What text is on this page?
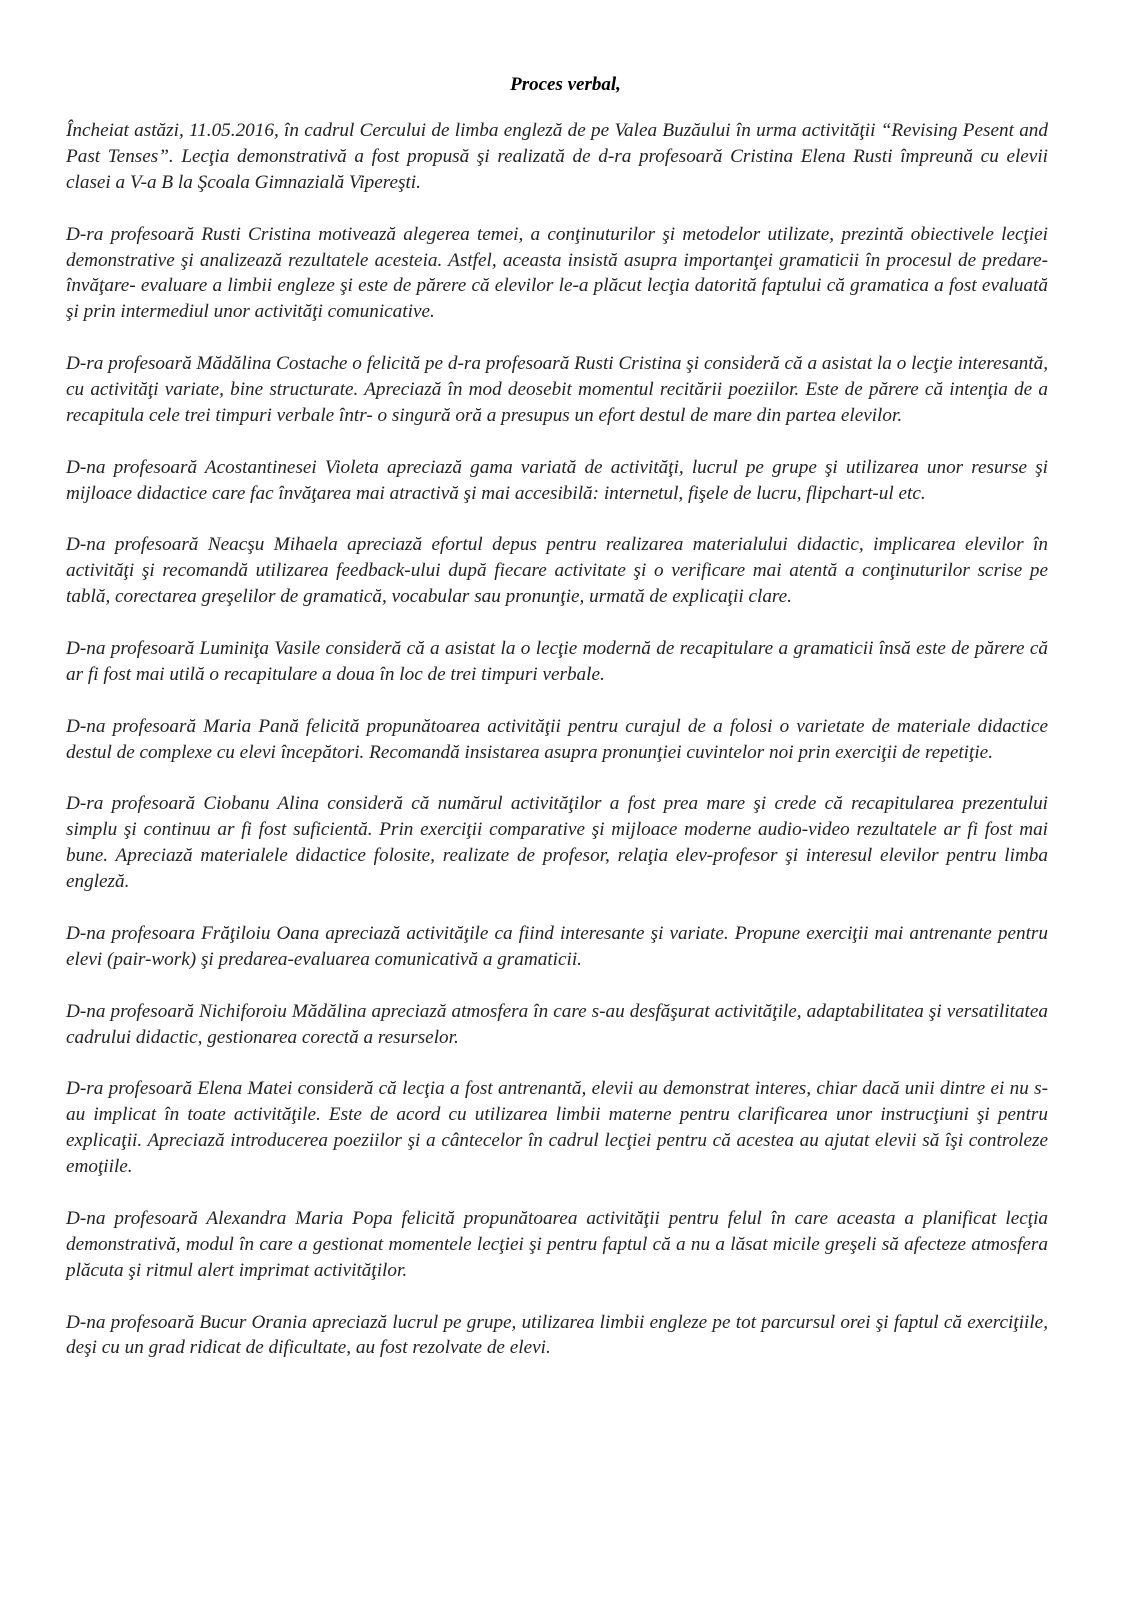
Proces verbal,

Încheiat astăzi, 11.05.2016, în cadrul Cercului de limba engleză de pe Valea Buzăului în urma activităţii “Revising Pesent and Past Tenses”. Lecţia demonstrativă a fost propusă şi realizată de d-ra profesoară Cristina Elena Rusti împreună cu elevii clasei a V-a B la Şcoala Gimnazială Vipereşti.

D-ra profesoară Rusti Cristina motivează alegerea temei, a conţinuturilor şi metodelor utilizate, prezintă obiectivele lecţiei demonstrative şi analizează rezultatele acesteia. Astfel, aceasta insistă asupra importanţei gramaticii în procesul de predare- învăţare- evaluare a limbii engleze şi este de părere că elevilor le-a plăcut lecţia datorită faptului că gramatica a fost evaluată şi prin intermediul unor activităţi comunicative.

D-ra profesoară Mădălina Costache o felicită pe d-ra profesoară Rusti Cristina şi consideră că a asistat la o lecţie interesantă, cu activităţi variate, bine structurate. Apreciază în mod deosebit momentul recitării poeziilor. Este de părere că intenţia de a recapitula cele trei timpuri verbale într- o singură oră a presupus un efort destul de mare din partea elevilor.

D-na profesoară Acostantinesei Violeta apreciază gama variată de activităţi, lucrul pe grupe şi utilizarea unor resurse şi mijloace didactice care fac învăţarea mai atractivă şi mai accesibilă: internetul, fişele de lucru, flipchart-ul etc.

D-na profesoară Neacşu Mihaela apreciază efortul depus pentru realizarea materialului didactic, implicarea elevilor în activităţi şi recomandă utilizarea feedback-ului după fiecare activitate şi o verificare mai atentă a conţinuturilor scrise pe tablă, corectarea greşelilor de gramatică, vocabular sau pronunţie, urmată de explicaţii clare.

D-na profesoară Luminiţa Vasile consideră că a asistat la o lecţie modernă de recapitulare a gramaticii însă este de părere că ar fi fost mai utilă o recapitulare a doua în loc de trei timpuri verbale.

D-na profesoară Maria Pană felicită propunătoarea activităţii pentru curajul de a folosi o varietate de materiale didactice destul de complexe cu elevi începători. Recomandă insistarea asupra pronunţiei cuvintelor noi prin exerciţii de repetiţie.

D-ra profesoară Ciobanu Alina consideră că numărul activităţilor a fost prea mare şi crede că recapitularea prezentului simplu şi continuu ar fi fost suficientă. Prin exerciţii comparative şi mijloace moderne audio-video rezultatele ar fi fost mai bune. Apreciază materialele didactice folosite, realizate de profesor, relaţia elev-profesor şi interesul elevilor pentru limba engleză.

D-na profesoara Frăţiloiu Oana apreciază activităţile ca fiind interesante şi variate. Propune exerciţii mai antrenante pentru elevi (pair-work) şi predarea-evaluarea comunicativă a gramaticii.

D-na profesoară Nichiforoiu Mădălina apreciază atmosfera în care s-au desfăşurat activităţile, adaptabilitatea şi versatilitatea cadrului didactic, gestionarea corectă a resurselor.

D-ra profesoară Elena Matei consideră că lecţia a fost antrenantă, elevii au demonstrat interes, chiar dacă unii dintre ei nu s-au implicat în toate activităţile. Este de acord cu utilizarea limbii materne pentru clarificarea unor instrucţiuni şi pentru explicaţii. Apreciază introducerea poeziilor şi a cântecelor în cadrul lecţiei pentru că acestea au ajutat elevii să îşi controleze emoţiile.

D-na profesoară Alexandra Maria Popa felicită propunătoarea activităţii pentru felul în care aceasta a planificat lecţia demonstrativă, modul în care a gestionat momentele lecţiei şi pentru faptul că a nu a lăsat micile greşeli să afecteze atmosfera plăcuta şi ritmul alert imprimat activităţilor.

D-na profesoară Bucur Orania apreciază lucrul pe grupe, utilizarea limbii engleze pe tot parcursul orei şi faptul că exerciţiile, deşi cu un grad ridicat de dificultate, au fost rezolvate de elevi.
